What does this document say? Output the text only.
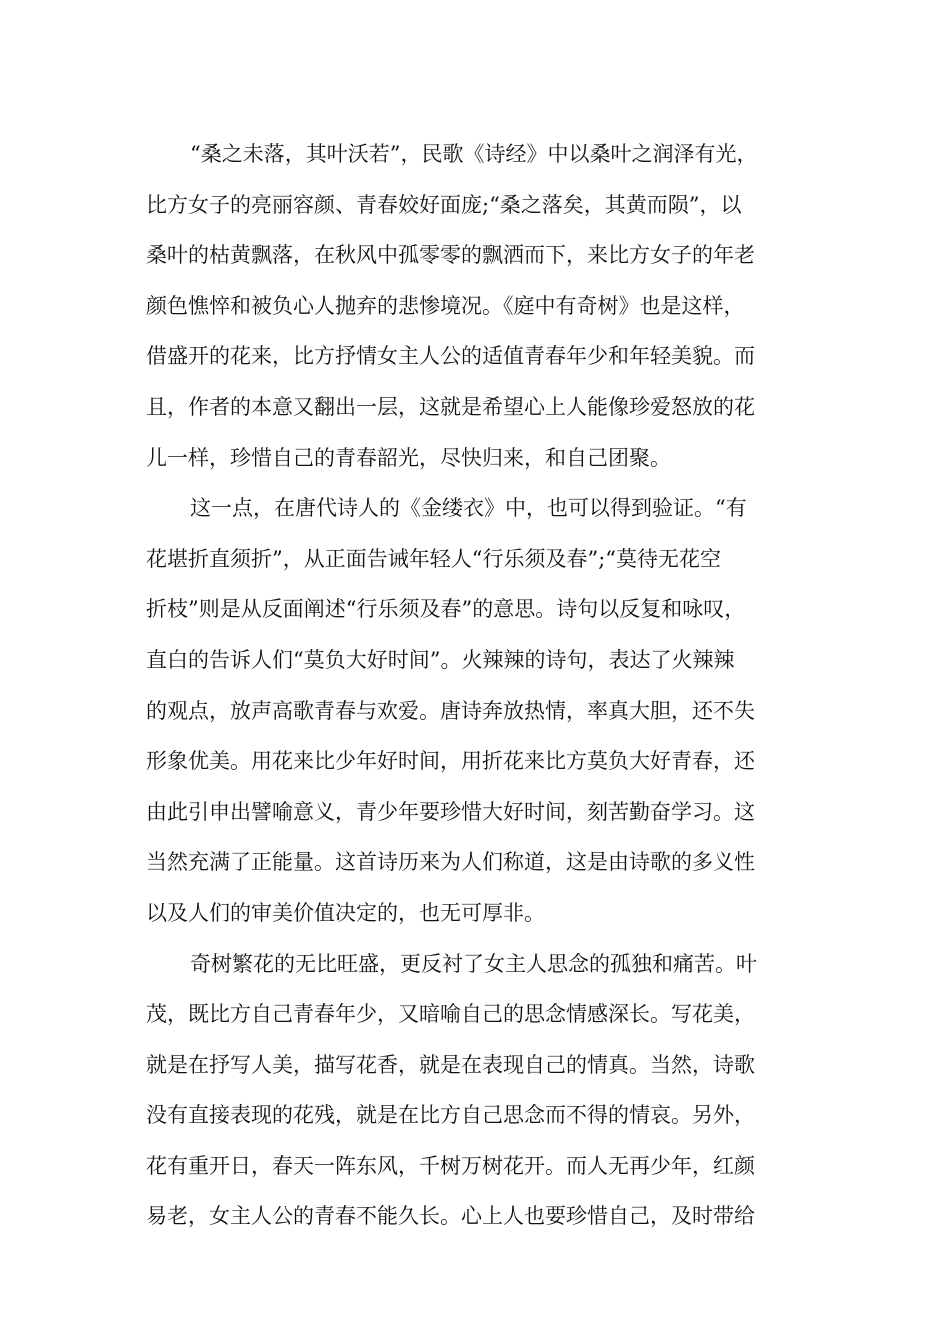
“桑之未落，其叶沃若”，民歌《诗经》中以桑叶之润泽有光，
比方女子的亮丽容颜、青春姣好面庞;“桑之落矣，其黄而陨”，以
桑叶的枯黄飘落，在秋风中孤零零的飘洒而下，来比方女子的年老
颜色憔悴和被负心人抛弃的悲惨境况。《庭中有奇树》也是这样，
借盛开的花来，比方抒情女主人公的适值青春年少和年轻美貌。而
且，作者的本意又翻出一层，这就是希望心上人能像珍爱怒放的花
儿一样，珍惜自己的青春韶光，尽快归来，和自己团聚。
这一点，在唐代诗人的《金缕衣》中，也可以得到验证。“有
花堪折直须折”，从正面告诫年轻人“行乐须及春”;“莫待无花空
折枝”则是从反面阐述“行乐须及春”的意思。诗句以反复和咏叹，
直白的告诉人们“莫负大好时间”。火辣辣的诗句，表达了火辣辣
的观点，放声高歌青春与欢爱。唐诗奔放热情，率真大胆，还不失
形象优美。用花来比少年好时间，用折花来比方莫负大好青春，还
由此引申出譬喻意义，青少年要珍惜大好时间，刻苦勤奋学习。这
当然充满了正能量。这首诗历来为人们称道，这是由诗歌的多义性
以及人们的审美价值决定的，也无可厚非。
奇树繁花的无比旺盛，更反衬了女主人思念的孤独和痛苦。叶
茂，既比方自己青春年少，又暗喻自己的思念情感深长。写花美，
就是在抒写人美，描写花香，就是在表现自己的情真。当然，诗歌
没有直接表现的花残，就是在比方自己思念而不得的情哀。另外，
花有重开日，春天一阵东风，千树万树花开。而人无再少年，红颜
易老，女主人公的青春不能久长。心上人也要珍惜自己，及时带给
